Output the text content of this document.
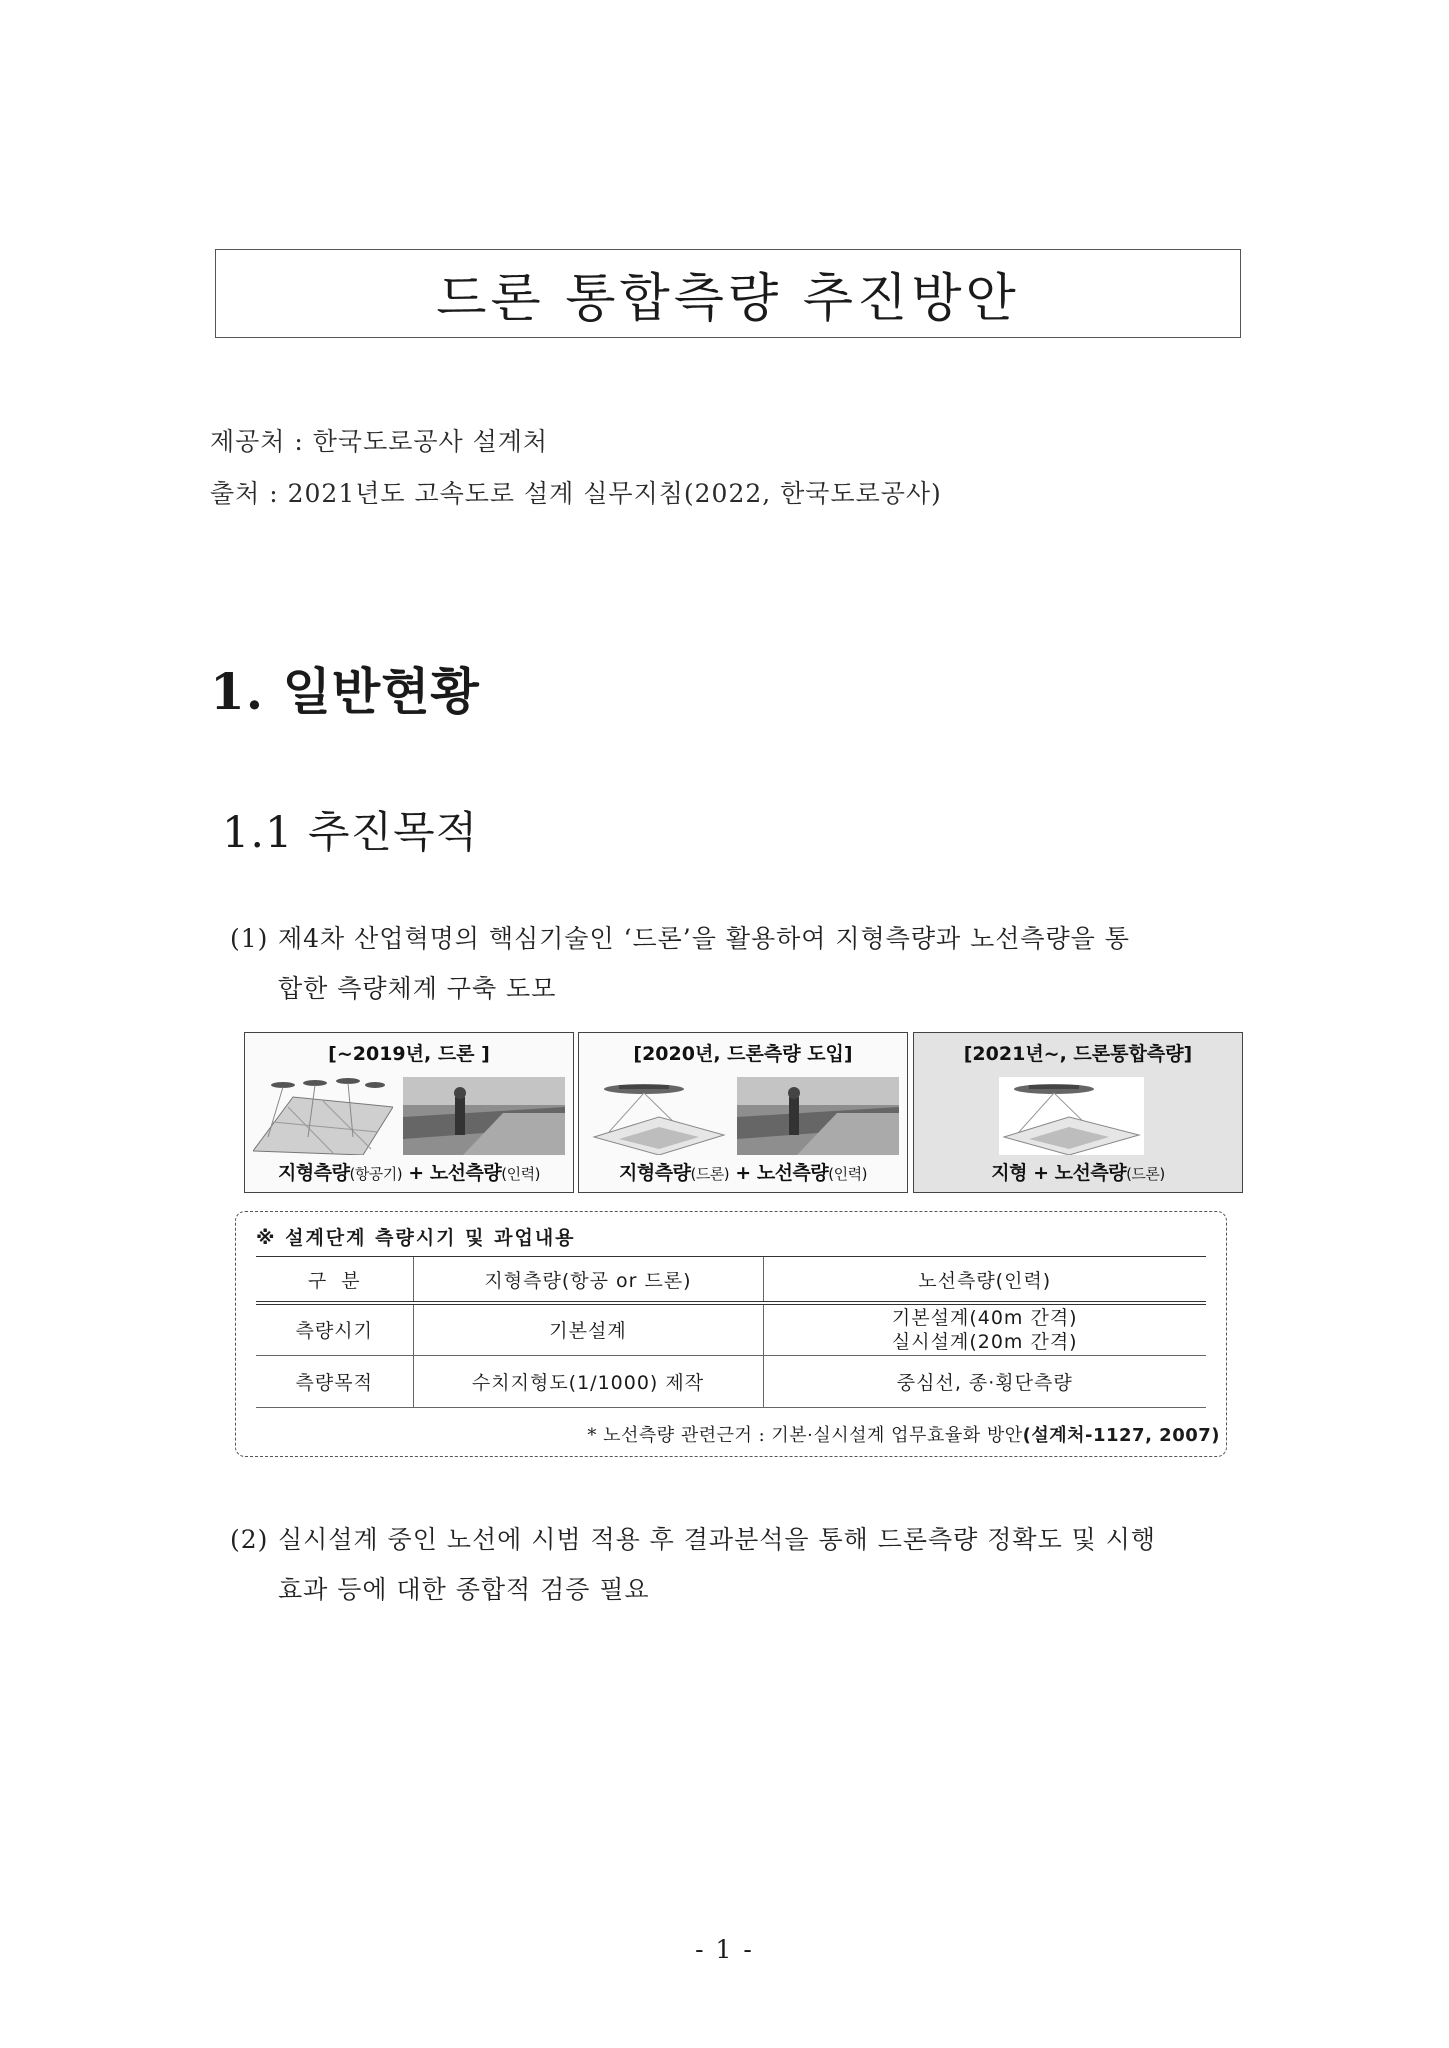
드론 통합측량 추진방안
제공처 : 한국도로공사 설계처
출처 : 2021년도 고속도로 설계 실무지침(2022, 한국도로공사)
1. 일반현황
1.1 추진목적
(1) 제4차 산업혁명의 핵심기술인 ‘드론’을 활용하여 지형측량과 노선측량을 통
합한 측량체계 구축 도모
[~2019년, 드론 ]
지형측량(항공기) + 노선측량(인력)
[2020년, 드론측량 도입]
지형측량(드론) + 노선측량(인력)
[2021년~, 드론통합측량]
지형 + 노선측량(드론)
※ 설계단계 측량시기 및 과업내용
구  분	지형측량(항공 or 드론)	노선측량(인력)
측량시기	기본설계	기본설계(40m 간격)
실시설계(20m 간격)

측량목적	수치지형도(1/1000) 제작	중심선, 종·횡단측량
* 노선측량 관련근거 : 기본·실시설계 업무효율화 방안(설계처-1127, 2007)
(2) 실시설계 중인 노선에 시범 적용 후 결과분석을 통해 드론측량 정확도 및 시행
효과 등에 대한 종합적 검증 필요
- 1 -
